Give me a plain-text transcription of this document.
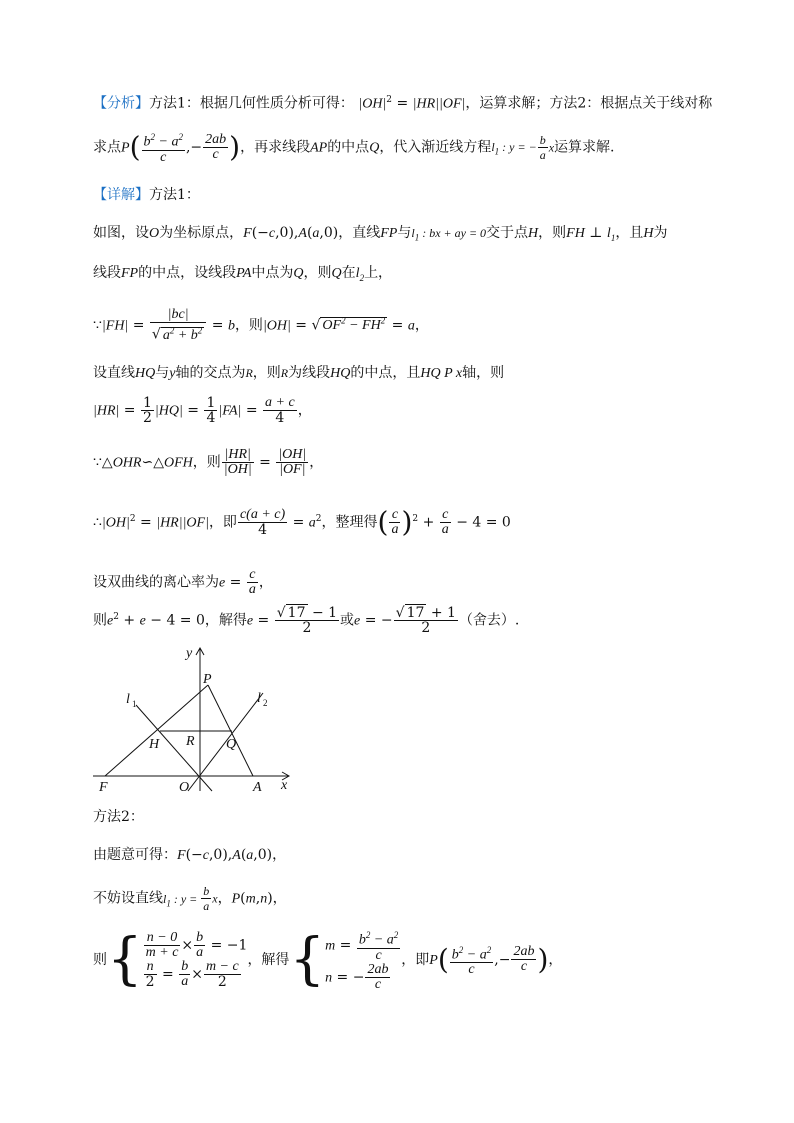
【分析】方法1：根据几何性质分析可得： $|OH|^2 = |HR||OF|$，运算求解；方法2：根据点关于线对称
求点$P( \frac{b^2 - a^2}{c}$ ,− $\frac{2ab}{c}$ )，再求线段AP的中点Q，代入渐近线方程$l_1$ : y = − $\frac{b}{a}$ x运算求解.
【详解】方法1：
如图，设O为坐标原点，F(−c,0),A(a,0)，直线FP与$l_1$ : bx + ay = 0交于点H，则FH ⊥ $l_1$，且H为
线段FP的中点，设线段PA中点为Q，则Q在$l_2$上，
∵|FH| = $\frac{|bc|}{√ a^2 + b^2} = b$，则|OH| = √ $OF^2 - FH^2 = a$，
设直线HQ与y轴的交点为R，则R为线段HQ的中点，且HQ P x轴，则
$|HR| = \frac{1}{2} |HQ| = \frac{1}{4} |FA| = \frac{a + c}{4}$ ，
∵△OHR∽△OFH，则 $\frac{|HR|}{|OH|} = \frac{|OH|}{|OF|}$ ，
$\therefore|OH|^2 = |HR||OF|$，即 $\frac{c(a + c)}{4} = a^2$，整理得( $\frac{c}{a} )^2 + \frac{c}{a} - 4 = 0$
设双曲线的离心率为$e = \frac{c}{a}$ ，
则$e^2 + e - 4 = 0$，解得$e = \frac{√ 17 - 1}{2}$ 或e = − $\frac{√ 17 + 1}{2}$ （舍去）.
y
P
l 1	l 2
H R Q
F	O	A x
方法2：
由题意可得：F(−c,0),A(a,0)，
不妨设直线$l_1$ : $y = \frac{b}{a}$ x，P(m,n)，
则{ $\frac{n - 0}{m + c} \times \frac{b}{a} = -1$
$\frac{n}{2} = \frac{b}{a} \times \frac{m - c}{2}$ ，解得{ $m = \frac{b^2 - a^2}{c}$
n = − $\frac{2ab}{c}$
，即$P( \frac{b^2 - a^2}{c}$ ,− $\frac{2ab}{c}$ )，
